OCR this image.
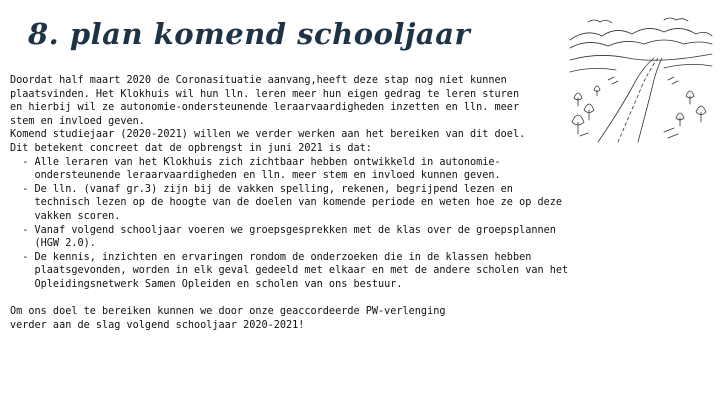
8. plan komend schooljaar
Doordat half maart 2020 de Coronasituatie aanvang,heeft deze stap nog niet kunnen
plaatsvinden. Het Klokhuis wil hun lln. leren meer hun eigen gedrag te leren sturen
en hierbij wil ze autonomie-ondersteunende leraarvaardigheden inzetten en lln. meer
stem en invloed geven.
Komend studiejaar (2020-2021) willen we verder werken aan het bereiken van dit doel.
Dit betekent concreet dat de opbrengst in juni 2021 is dat:
- Alle leraren van het Klokhuis zich zichtbaar hebben ontwikkeld in autonomie-
ondersteunende leraarvaardigheden en lln. meer stem en invloed kunnen geven.
- De lln. (vanaf gr.3) zijn bij de vakken spelling, rekenen, begrijpend lezen en
technisch lezen op de hoogte van de doelen van komende periode en weten hoe ze op deze
vakken scoren.
- Vanaf volgend schooljaar voeren we groepsgesprekken met de klas over de groepsplannen
(HGW 2.0).
- De kennis, inzichten en ervaringen rondom de onderzoeken die in de klassen hebben
plaatsgevonden, worden in elk geval gedeeld met elkaar en met de andere scholen van het
Opleidingsnetwerk Samen Opleiden en scholen van ons bestuur.
Om ons doel te bereiken kunnen we door onze geaccordeerde PW-verlenging
verder aan de slag volgend schooljaar 2020-2021!
